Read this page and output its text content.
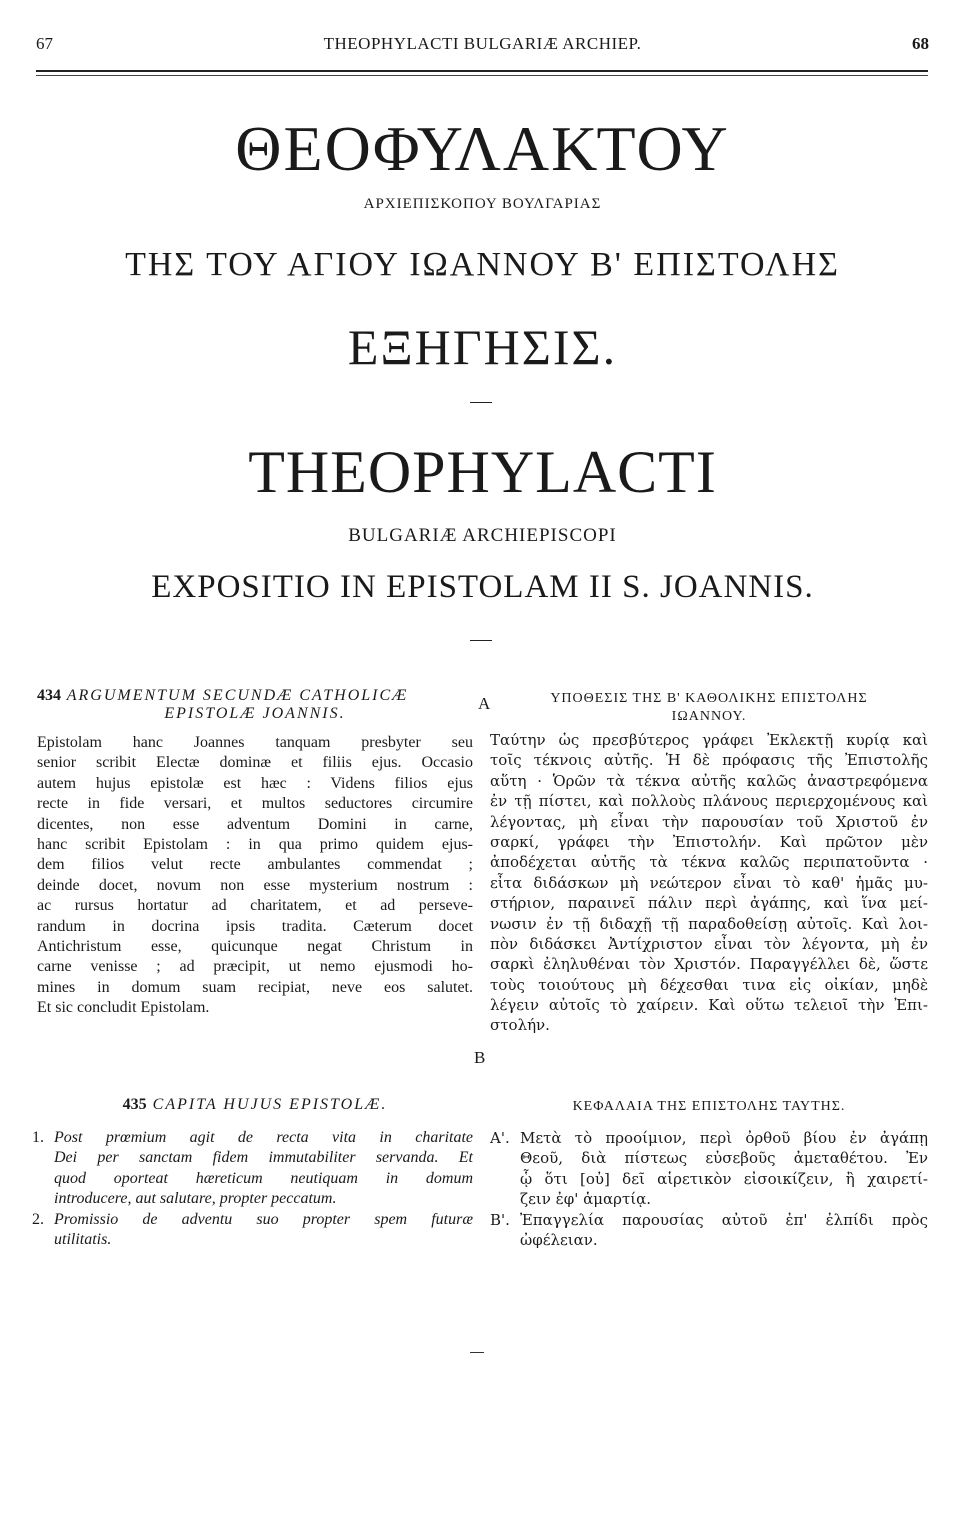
67	THEOPHYLACTI BULGARIÆ ARCHIEP.	68
ΘΕΟΦΥΛΑΚΤΟΥ
ΑΡΧΙΕΠΙΣΚΟΠΟΥ ΒΟΥΛΓΑΡΙΑΣ
ΤΗΣ ΤΟΥ ΑΓΙΟΥ ΙΩΑΝΝΟΥ Β' ΕΠΙΣΤΟΛΗΣ
ΕΞΗΓΗΣΙΣ.
THEOPHYLACTI
BULGARIÆ ARCHIEPISCOPI
EXPOSITIO IN EPISTOLAM II S. JOANNIS.
434 ARGUMENTUM SECUNDÆ CATHOLICÆ
EPISTOLÆ JOANNIS.
Epistolam hanc Joannes tanquam presbyter seu
senior scribit Electæ dominæ et filiis ejus. Occasio
autem hujus epistolæ est hæc : Videns filios ejus
recte in fide versari, et multos seductores circumire
dicentes, non esse adventum Domini in carne,
hanc scribit Epistolam : in qua primo quidem ejus-
dem filios velut recte ambulantes commendat ;
deinde docet, novum non esse mysterium nostrum :
ac rursus hortatur ad charitatem, et ad perseve-
randum in docrina ipsis tradita. Cæterum docet
Antichristum esse, quicunque negat Christum in
carne venisse ; ad præcipit, ut nemo ejusmodi ho-
mines in domum suam recipiat, neve eos salutet.
Et sic concludit Epistolam.
435 CAPITA HUJUS EPISTOLÆ.
1. Post prœmium agit de recta vita in charitate
Dei per sanctam fidem immutabiliter servanda. Et
quod oporteat hæreticum neutiquam in domum
introducere, aut salutare, propter peccatum.
2. Promissio de adventu suo propter spem futuræ
utilitatis.
A
B
ΥΠΟΘΕΣΙΣ ΤΗΣ Β' ΚΑΘΟΛΙΚΗΣ ΕΠΙΣΤΟΛΗΣ
ΙΩΑΝΝΟΥ.
Ταύτην ὡς πρεσβύτερος γράφει Ἐκλεκτῇ κυρίᾳ καὶ
τοῖς τέκνοις αὐτῆς. Ἡ δὲ πρόφασις τῆς Ἐπιστολῆς
αὕτη · Ὁρῶν τὰ τέκνα αὐτῆς καλῶς ἀναστρεφόμενα
ἐν τῇ πίστει, καὶ πολλοὺς πλάνους περιερχομένους καὶ
λέγοντας, μὴ εἶναι τὴν παρουσίαν τοῦ Χριστοῦ ἐν
σαρκί, γράφει τὴν Ἐπιστολήν. Καὶ πρῶτον μὲν
ἀποδέχεται αὐτῆς τὰ τέκνα καλῶς περιπατοῦντα ·
εἶτα διδάσκων μὴ νεώτερον εἶναι τὸ καθ' ἡμᾶς μυ-
στήριον, παραινεῖ πάλιν περὶ ἀγάπης, καὶ ἵνα μεί-
νωσιν ἐν τῇ διδαχῇ τῇ παραδοθείσῃ αὐτοῖς. Καὶ λοι-
πὸν διδάσκει Ἀντίχριστον εἶναι τὸν λέγοντα, μὴ ἐν
σαρκὶ ἐληλυθέναι τὸν Χριστόν. Παραγγέλλει δὲ, ὥστε
τοὺς τοιούτους μὴ δέχεσθαι τινα εἰς οἰκίαν, μηδὲ
λέγειν αὐτοῖς τὸ χαίρειν. Καὶ οὕτω τελειοῖ τὴν Ἐπι-
στολήν.
ΚΕΦΑΛΑΙΑ ΤΗΣ ΕΠΙΣΤΟΛΗΣ ΤΑΥΤΗΣ.
Α'. Μετὰ τὸ προοίμιον, περὶ ὀρθοῦ βίου ἐν ἀγάπῃ
Θεοῦ, διὰ πίστεως εὐσεβοῦς ἀμεταθέτου. Ἐν
ᾧ ὅτι [οὐ] δεῖ αἱρετικὸν εἰσοικίζειν, ἢ χαιρετί-
ζειν ἐφ' ἁμαρτίᾳ.
Β'. Ἐπαγγελία παρουσίας αὐτοῦ ἐπ' ἐλπίδι πρὸς
ὠφέλειαν.
